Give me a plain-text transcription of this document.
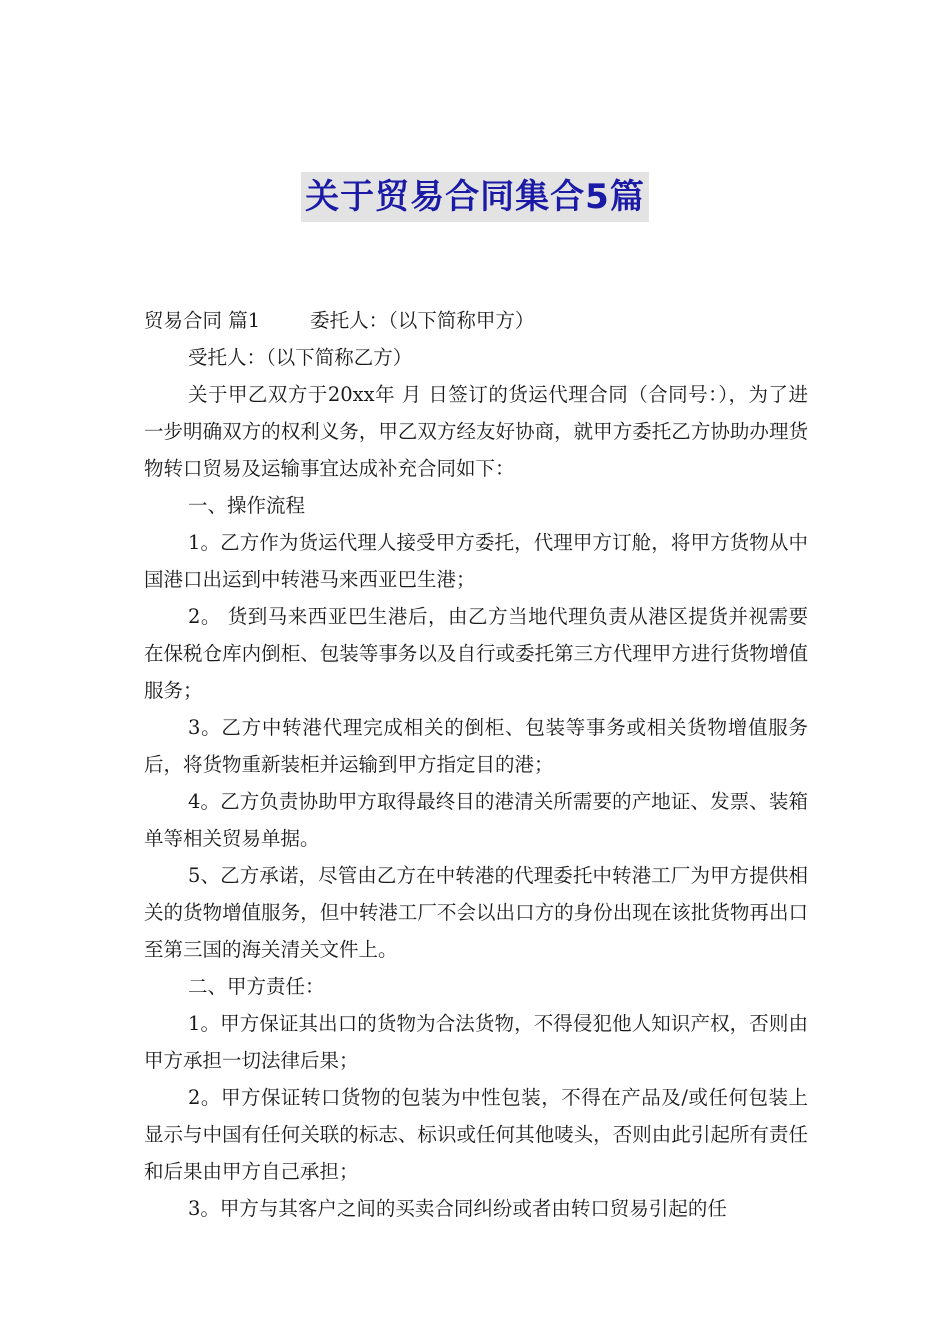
关于贸易合同集合5篇

贸易合同 篇1	委托人：（以下简称甲方）

受托人：（以下简称乙方）

关于甲乙双方于20xx年 月 日签订的货运代理合同（合同号：），为了进一步明确双方的权利义务，甲乙双方经友好协商，就甲方委托乙方协助办理货物转口贸易及运输事宜达成补充合同如下：

一、操作流程

1。乙方作为货运代理人接受甲方委托，代理甲方订舱，将甲方货物从中国港口出运到中转港马来西亚巴生港；

2。 货到马来西亚巴生港后，由乙方当地代理负责从港区提货并视需要在保税仓库内倒柜、包装等事务以及自行或委托第三方代理甲方进行货物增值服务；

3。乙方中转港代理完成相关的倒柜、包装等事务或相关货物增值服务后，将货物重新装柜并运输到甲方指定目的港；

4。乙方负责协助甲方取得最终目的港清关所需要的产地证、发票、装箱单等相关贸易单据。

5、乙方承诺，尽管由乙方在中转港的代理委托中转港工厂为甲方提供相关的货物增值服务，但中转港工厂不会以出口方的身份出现在该批货物再出口至第三国的海关清关文件上。

二、甲方责任：

1。甲方保证其出口的货物为合法货物，不得侵犯他人知识产权，否则由甲方承担一切法律后果；

2。甲方保证转口货物的包装为中性包装，不得在产品及/或任何包装上显示与中国有任何关联的标志、标识或任何其他唛头，否则由此引起所有责任和后果由甲方自己承担；

3。甲方与其客户之间的买卖合同纠纷或者由转口贸易引起的任
